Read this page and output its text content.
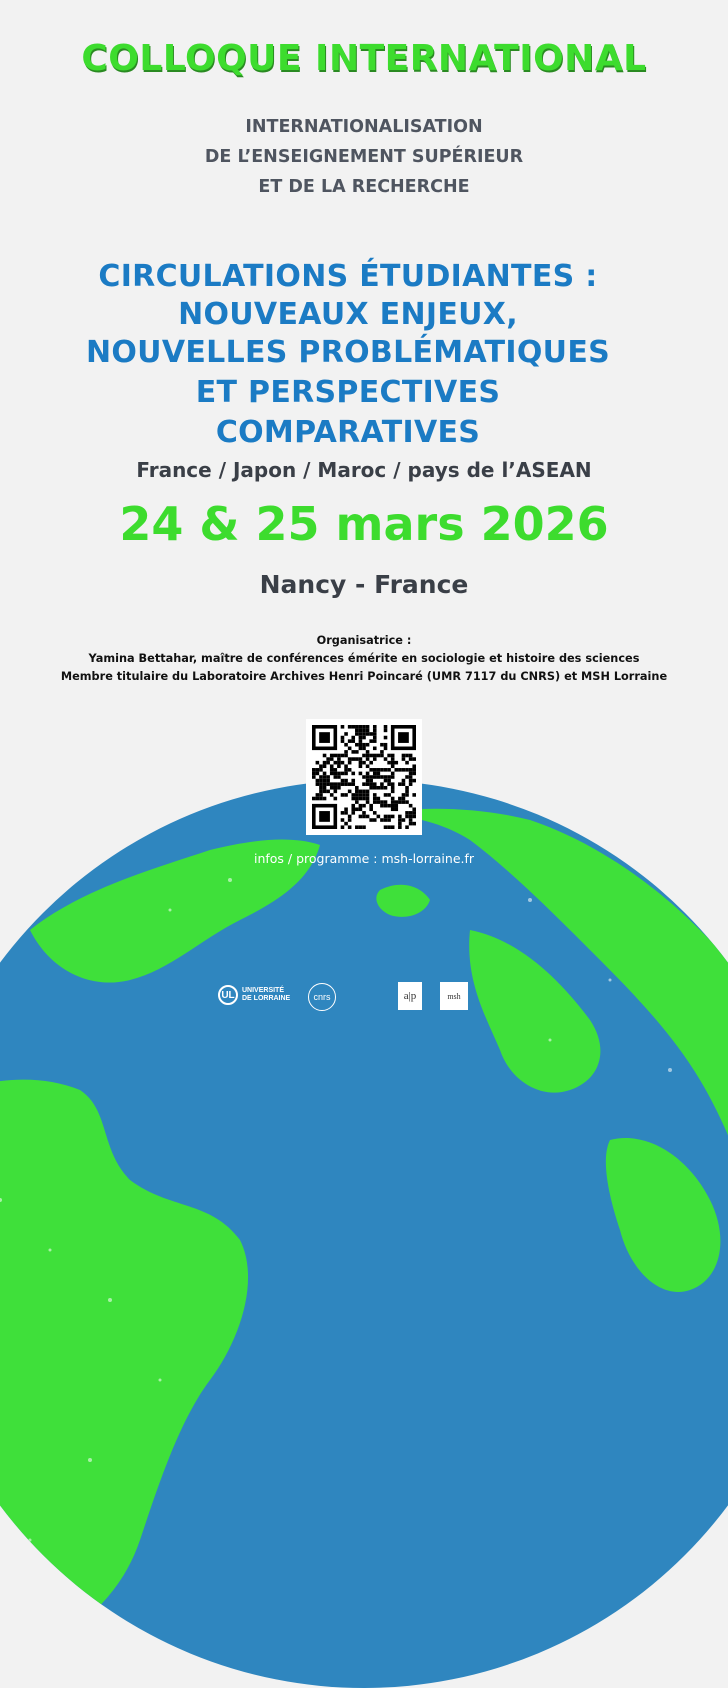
COLLOQUE INTERNATIONAL
INTERNATIONALISATION
DE L’ENSEIGNEMENT SUPÉRIEUR
ET DE LA RECHERCHE
CIRCULATIONS ÉTUDIANTES :
NOUVEAUX ENJEUX,
NOUVELLES PROBLÉMATIQUES
ET PERSPECTIVES
COMPARATIVES
France / Japon / Maroc / pays de l’ASEAN
24 & 25 mars 2026
Nancy - France
Organisatrice :
Yamina Bettahar, maître de conférences émérite en sociologie et histoire des sciences
Membre titulaire du Laboratoire Archives Henri Poincaré (UMR 7117 du CNRS) et MSH Lorraine
infos / programme : msh-lorraine.fr
UL	UNIVERSITÉ
DE LORRAINE	cnrs	a|p	msh
